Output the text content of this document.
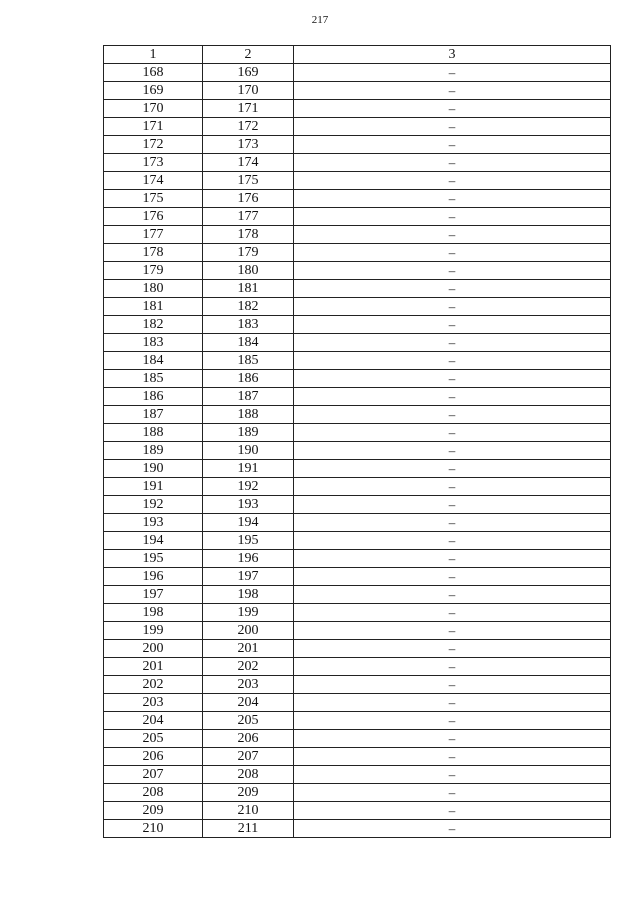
217
1	2	3
168	169	–
169	170	–
170	171	–
171	172	–
172	173	–
173	174	–
174	175	–
175	176	–
176	177	–
177	178	–
178	179	–
179	180	–
180	181	–
181	182	–
182	183	–
183	184	–
184	185	–
185	186	–
186	187	–
187	188	–
188	189	–
189	190	–
190	191	–
191	192	–
192	193	–
193	194	–
194	195	–
195	196	–
196	197	–
197	198	–
198	199	–
199	200	–
200	201	–
201	202	–
202	203	–
203	204	–
204	205	–
205	206	–
206	207	–
207	208	–
208	209	–
209	210	–
210	211	–
